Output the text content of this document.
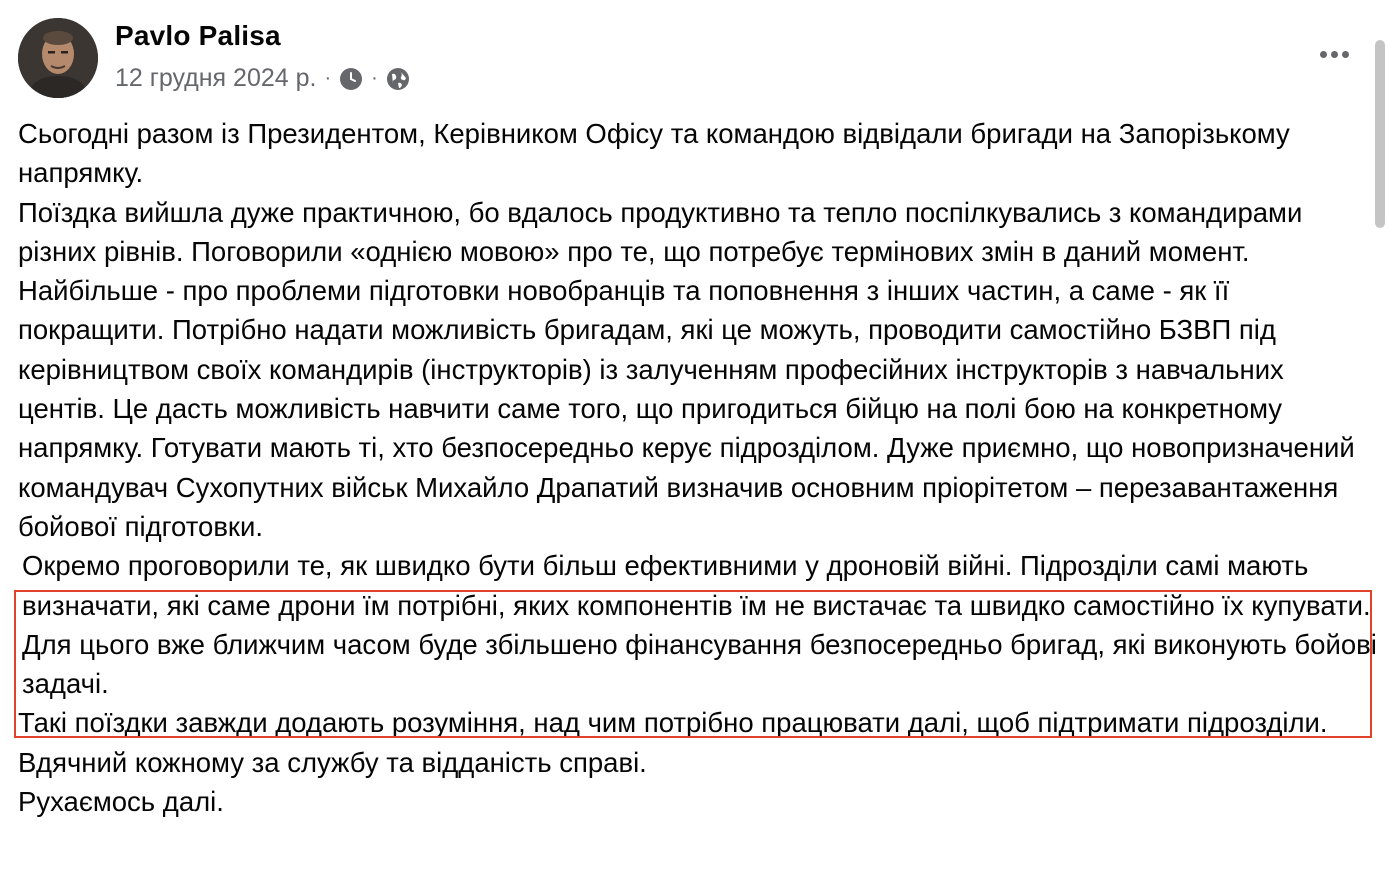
Pavlo Palisa
12 грудня 2024 р. · ·

Сьогодні разом із Президентом, Керівником Офісу та командою відвідали бригади на Запорізькому напрямку.

Поїздка вийшла дуже практичною, бо вдалось продуктивно та тепло поспілкувались з командирами різних рівнів. Поговорили «однією мовою» про те, що потребує термінових змін в даний момент.

Найбільше - про проблеми підготовки новобранців та поповнення з інших частин, а саме - як її покращити. Потрібно надати можливість бригадам, які це можуть, проводити самостійно БЗВП під керівництвом своїх командирів (інструкторів) із залученням професійних інструкторів з навчальних центів. Це дасть можливість навчити саме того, що пригодиться бійцю на полі бою на конкретному напрямку. Готувати мають ті, хто безпосередньо керує підрозділом. Дуже приємно, що новопризначений командувач Сухопутних військ Михайло Драпатий визначив основним пріорітетом – перезавантаження бойової підготовки.

Окремо проговорили те, як швидко бути більш ефективними у дроновій війні. Підрозділи самі мають визначати, які саме дрони їм потрібні, яких компонентів їм не вистачає та швидко самостійно їх купувати. Для цього вже ближчим часом буде збільшено фінансування безпосередньо бригад, які виконують бойові задачі.

Такі поїздки завжди додають розуміння, над чим потрібно працювати далі, щоб підтримати підрозділи. Вдячний кожному за службу та відданість справі.

Рухаємось далі.
